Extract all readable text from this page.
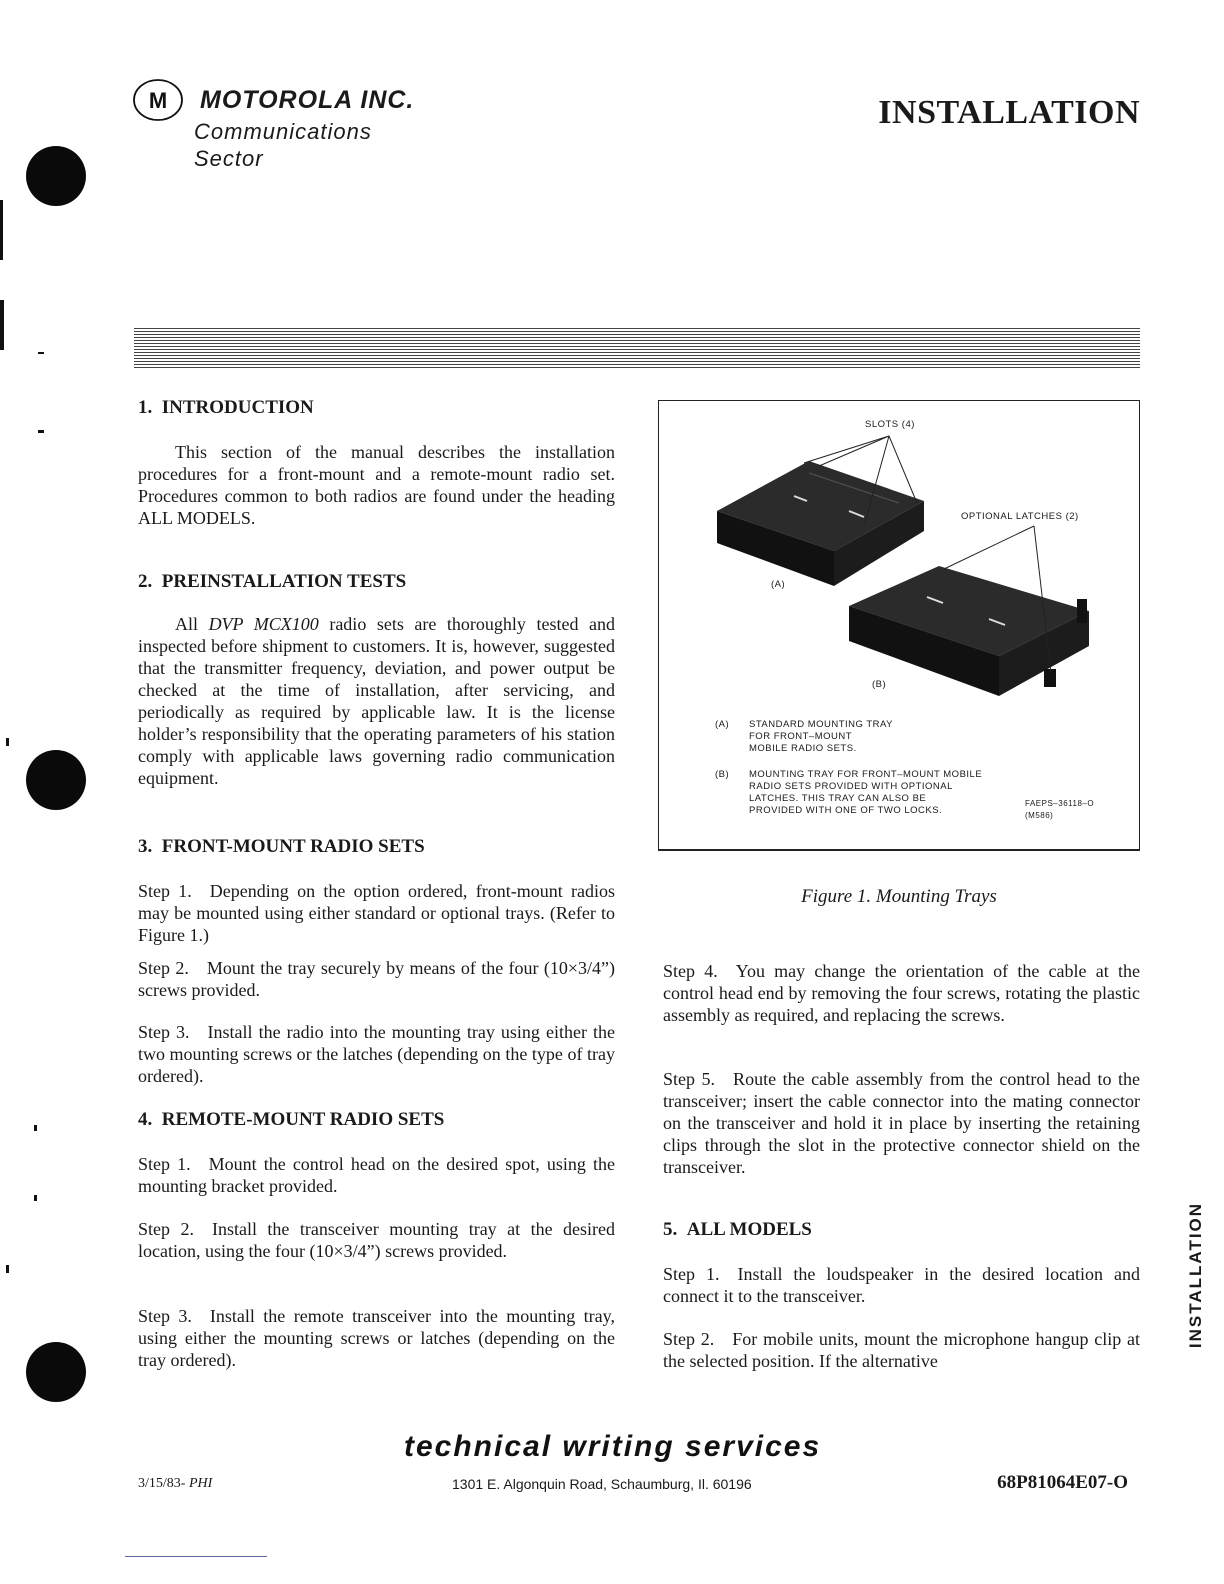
M MOTOROLA INC.
Communications
Sector
INSTALLATION
1. INTRODUCTION

This section of the manual describes the installation procedures for a front-mount and a remote-mount radio set. Procedures common to both radios are found under the heading ALL MODELS.

2. PREINSTALLATION TESTS

All DVP MCX100 radio sets are thoroughly tested and inspected before shipment to customers. It is, however, suggested that the transmitter frequency, deviation, and power output be checked at the time of installation, after servicing, and periodically as required by applicable law. It is the license holder’s responsibility that the operating parameters of his station comply with applicable laws governing radio communication equipment.

3. FRONT-MOUNT RADIO SETS

Step 1. Depending on the option ordered, front-mount radios may be mounted using either standard or optional trays. (Refer to Figure 1.)

Step 2. Mount the tray securely by means of the four (10×3/4”) screws provided.

Step 3. Install the radio into the mounting tray using either the two mounting screws or the latches (depending on the type of tray ordered).

4. REMOTE-MOUNT RADIO SETS

Step 1. Mount the control head on the desired spot, using the mounting bracket provided.

Step 2. Install the transceiver mounting tray at the desired location, using the four (10×3/4”) screws provided.

Step 3. Install the remote transceiver into the mounting tray, using either the mounting screws or latches (depending on the tray ordered).

SLOTS (4)
OPTIONAL LATCHES (2)
(A)
(B)
(A) STANDARD MOUNTING TRAY
FOR FRONT–MOUNT
MOBILE RADIO SETS.
(B) MOUNTING TRAY FOR FRONT–MOUNT MOBILE
RADIO SETS PROVIDED WITH OPTIONAL
LATCHES. THIS TRAY CAN ALSO BE
PROVIDED WITH ONE OF TWO LOCKS.
FAEPS–36118–O
(M586)
Figure 1. Mounting Trays

Step 4. You may change the orientation of the cable at the control head end by removing the four screws, rotating the plastic assembly as required, and replacing the screws.

Step 5. Route the cable assembly from the control head to the transceiver; insert the cable connector into the mating connector on the transceiver and hold it in place by inserting the retaining clips through the slot in the protective connector shield on the transceiver.

5. ALL MODELS

Step 1. Install the loudspeaker in the desired location and connect it to the transceiver.

Step 2. For mobile units, mount the microphone hangup clip at the selected position. If the alternative

INSTALLATION
technical writing services
3/15/83- PHI	1301 E. Algonquin Road, Schaumburg, Il. 60196	68P81064E07-O
